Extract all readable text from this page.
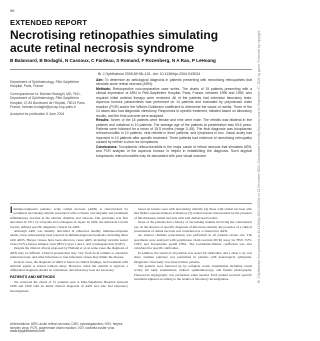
96
Br J Ophthalmol: first published as 10.1136/bjo.2004.043034 on 21 December 2004. Downloaded from http://bjo.bmj.com/ on September 27, 2021 by guest. Protected by copyright.
EXTENDED REPORT
Necrotising retinopathies simulating acute retinal necrosis syndrome
B Balansard, B Bodaghi, N Cassoux, C Fardeau, S Romand, F Rozenberg, N A Rao, P LeHoang
Br J Ophthalmol 2005;89:96–101. doi: 10.1136/bjo.2004.043034

Department of Ophthalmology, Pitié-Salpêtrière Hospital, Paris, France

Correspondence to: Bahram Bodaghi, MD, PhD, Department of Ophthalmology, Pitié-Salpêtrière Hospital, 47-83 Boulevard de l'Hôpital, 75013 Paris, France; bahram.bodaghi@psl.ap-hop-paris.fr

Accepted for publication 8 June 2004

Aim: To determine an aetiological diagnosis in patients presenting with necrotising retinopathies that simulate acute retinal necrosis (ARN).

Methods: Retrospective noncomparative case series. The charts of 15 patients presenting with a clinical impression of ARN in Pitié-Salpêtrière Hospital, Paris, France, between 1996 and 1999, who required initial antiviral therapy were reviewed. All of the patients had extensive laboratory tests. Aqueous humour paracentesis was performed on 14 patients and evaluated by polymerase chain reaction (PCR) and/or the Witmer-Goldmann coefficient to determine the cause of uveitis. Three of the 14 cases also had diagnostic vitrectomy. Responses to specific treatment, initiated based on laboratory results, and the final outcome were analysed.

Results: Seven of the 15 patients were female and nine were male. The retinitis was bilateral in five patients and unilateral in 10 patients. The average age of the patients at presentation was 53.6 years. Patients were followed for a mean of 15.5 months (range 3–45). The final diagnosis was toxoplasmic retinochoroiditis in 10 patients, viral retinitis in three patients, and lymphoma in two. Visual acuity had improved in 10 patients after specific treatment. Three patients had evidence of necrotising retinopathy caused by neither a virus nor toxoplasma.

Conclusions: Toxoplasmic retinochoroiditis is the major cause of retinal necrosis that simulates ARN, and PCR analysis of the aqueous humour is helpful in establishing the diagnosis. Such atypical toxoplasmic retinochoroiditis may be associated with poor visual outcome.

Immunocompetent patients, acute retinal necrosis (ARN) is characterised by peripheral necrotising retinitis associated with occlusive vasculopathy and prominent inflammatory reaction in the anterior chamber and vitreous. The syndrome was first described in 1971 by Urayama and colleagues in Japan. In 1994, the American Uveitis Society defined specific diagnostic criteria for ARN.

Although ARN was initially described in otherwise healthy immunocompetent adults, it has subsequently been reported in immunosuppressed patients, including those with AIDS. Herpes viruses have been shown to cause ARN, including varicella zoster virus (VZV), herpes simplex virus (HSV) types 1 and 2, and cytomegalovirus (CMV).

Despite the clinical criteria proposed by Holland et al, in some cases the diagnosis of ARN may be difficult. Clinical presentation may vary from focal retinitis to extensive retinal necrosis, and other infectious or non-infectious causes may mimic the disease.

In most cases, the diagnosis of ARN is based on clinical findings, and treatment with antiviral agents is started without delay. However, when the retinitis is atypical, a differential diagnosis should be considered, and laboratory tests are necessary.

PATIENTS AND METHODS

We reviewed the charts of 15 patients seen at Pitié-Salpêtrière Hospital between 1996 and 1999 with an initial clinical diagnosis of ARN and who had laboratory investigations.

based on lesions seen with necrotising retinitis; (4) those with retinal necrosis who had further aqueous humour evaluation; (5) retinal lesions characterised by the presence of full-thickness retinal necrosis with well demarcated borders.

None of the patients had a history of necrotising retinitis involving the contralateral eye. In the absence of specific diagnosis of infectious retinitis, the presence of a clinical presentation of retinal necrosis was considered as a criterion for ARN.

An anterior chamber paracentesis was performed in all patients except one. The specimens were analysed with polymerase chain reaction (PCR) assay for HSV, VZV, CMV, and Toxoplasma gondii DNA. The Goldmann-Witmer coefficient was also calculated for specific antibodies.

In addition, the serum of all patients was tested for antibodies, and a chest x ray was done. Lumbar puncture was performed in patients with neurological symptoms. Diagnostic vitrectomy was done in three patients.

The patients were followed up by complete ocular examination including visual acuity, slit lamp examination, indirect ophthalmoscopy, and fundus photography. Fluorescein angiography was performed when needed. Each patient received specific treatment adjusted according to the results of laboratory investigations.

Abbreviations: ARN, acute retinal necrosis; CMV, cytomegalovirus; HSV, herpes simplex virus; PCR, polymerase chain reaction; VZV, varicella zoster virus
www.bjophthalmol.com
